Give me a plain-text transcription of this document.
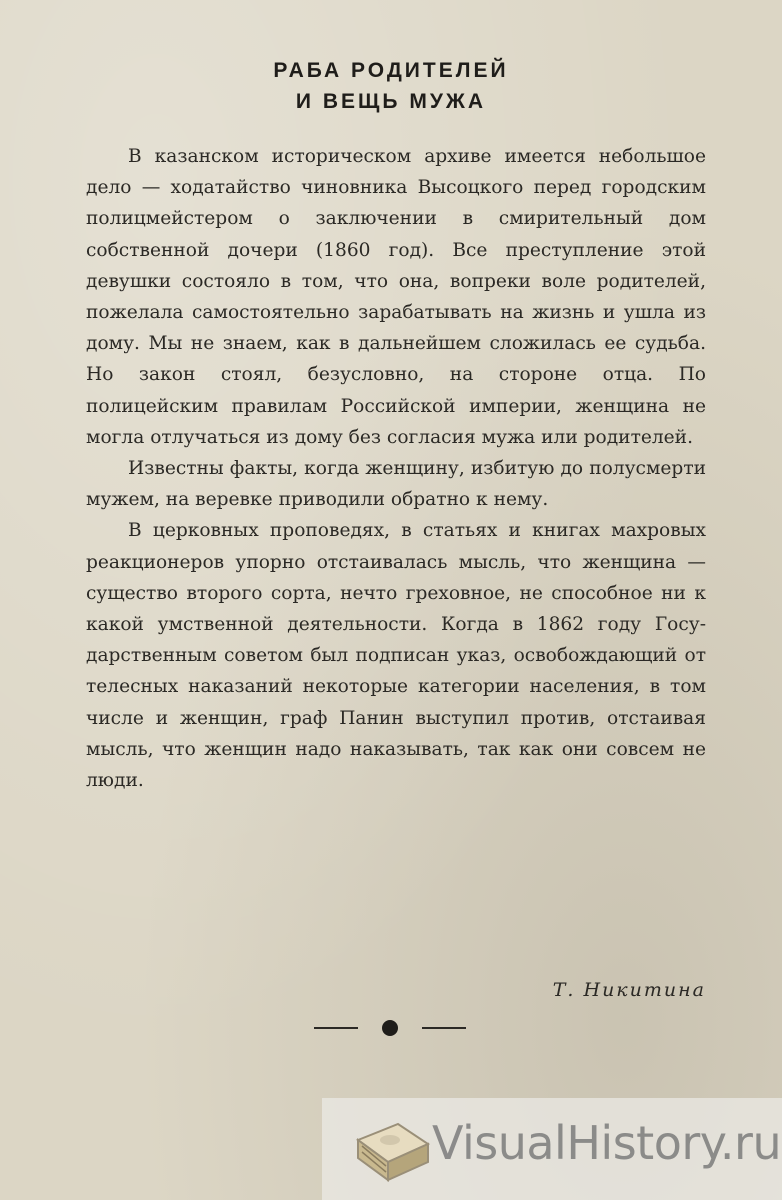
РАБА РОДИТЕЛЕЙ
И ВЕЩЬ МУЖА

В казанском историческом архиве имеется небольшое дело — ходатайство чиновника Высоцкого перед городским полицмейстером о заключении в смирительный дом собственной дочери (1860 год). Все преступление этой девушки состояло в том, что она, вопреки воле родителей, пожелала самостоятельно зарабатывать на жизнь и ушла из дому. Мы не знаем, как в дальнейшем сложилась ее судьба. Но закон стоял, безусловно, на стороне отца. По полицейским правилам Российской империи, женщина не могла отлучаться из дому без согласия мужа или родителей.

Известны факты, когда женщину, избитую до полусмерти мужем, на веревке приводили обратно к нему.

В церковных проповедях, в статьях и книгах махровых реакционеров упорно отстаивалась мысль, что женщина — существо второго сорта, нечто греховное, не способное ни к какой умственной деятельности. Когда в 1862 году Государственным советом был подписан указ, освобождающий от телесных наказаний некоторые категории населения, в том числе и женщин, граф Панин выступил против, отстаивая мысль, что женщин надо наказывать, так как они совсем не люди.

Т. Никитина
VisualHistory.ru
